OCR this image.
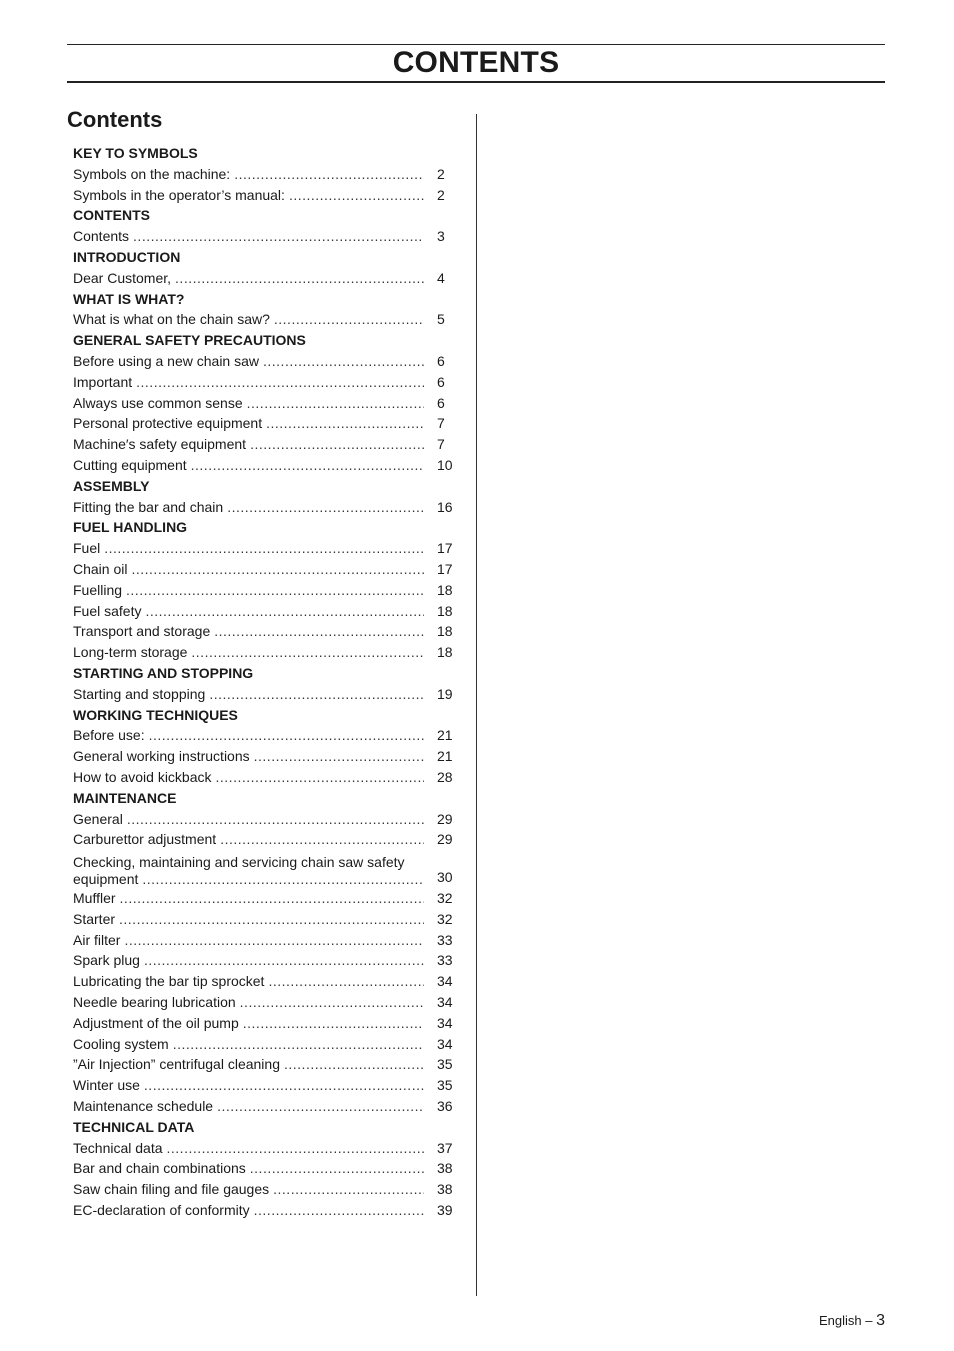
CONTENTS
Contents
KEY TO SYMBOLS
Symbols on the machine: .....	2
Symbols in the operator’s manual: .....	2
CONTENTS
Contents .....	3
INTRODUCTION
Dear Customer, .....	4
WHAT IS WHAT?
What is what on the chain saw? .....	5
GENERAL SAFETY PRECAUTIONS
Before using a new chain saw .....	6
Important .....	6
Always use common sense .....	6
Personal protective equipment .....	7
Machine′s safety equipment .....	7
Cutting equipment .....	10
ASSEMBLY
Fitting the bar and chain .....	16
FUEL HANDLING
Fuel .....	17
Chain oil .....	17
Fuelling .....	18
Fuel safety .....	18
Transport and storage .....	18
Long-term storage .....	18
STARTING AND STOPPING
Starting and stopping .....	19
WORKING TECHNIQUES
Before use: .....	21
General working instructions .....	21
How to avoid kickback .....	28
MAINTENANCE
General .....	29
Carburettor adjustment .....	29
Checking, maintaining and servicing chain saw safety
equipment .....	30
Muffler .....	32
Starter .....	32
Air filter .....	33
Spark plug .....	33
Lubricating the bar tip sprocket .....	34
Needle bearing lubrication .....	34
Adjustment of the oil pump .....	34
Cooling system .....	34
”Air Injection” centrifugal cleaning .....	35
Winter use .....	35
Maintenance schedule .....	36
TECHNICAL DATA
Technical data .....	37
Bar and chain combinations .....	38
Saw chain filing and file gauges .....	38
EC-declaration of conformity .....	39
English – 3
